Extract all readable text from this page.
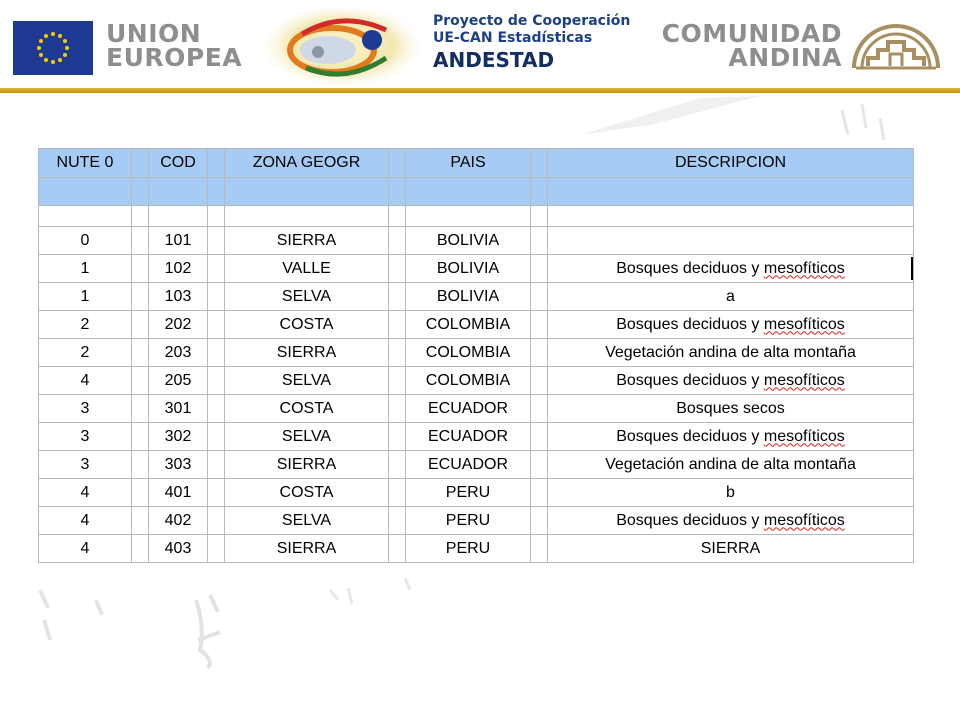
UNION
EUROPEA
Proyecto de Cooperación
UE-CAN Estadísticas
ANDESTAD
COMUNIDAD
ANDINA
NUTE 0		COD		ZONA GEOGR		PAIS		DESCRIPCION

0		101		SIERRA		BOLIVIA		
1		102		VALLE		BOLIVIA		Bosques deciduos y mesofíticos
1		103		SELVA		BOLIVIA		a
2		202		COSTA		COLOMBIA		Bosques deciduos y mesofíticos
2		203		SIERRA		COLOMBIA		Vegetación andina de alta montaña
4		205		SELVA		COLOMBIA		Bosques deciduos y mesofíticos
3		301		COSTA		ECUADOR		Bosques secos
3		302		SELVA		ECUADOR		Bosques deciduos y mesofíticos
3		303		SIERRA		ECUADOR		Vegetación andina de alta montaña
4		401		COSTA		PERU		b
4		402		SELVA		PERU		Bosques deciduos y mesofíticos
4		403		SIERRA		PERU		SIERRA
